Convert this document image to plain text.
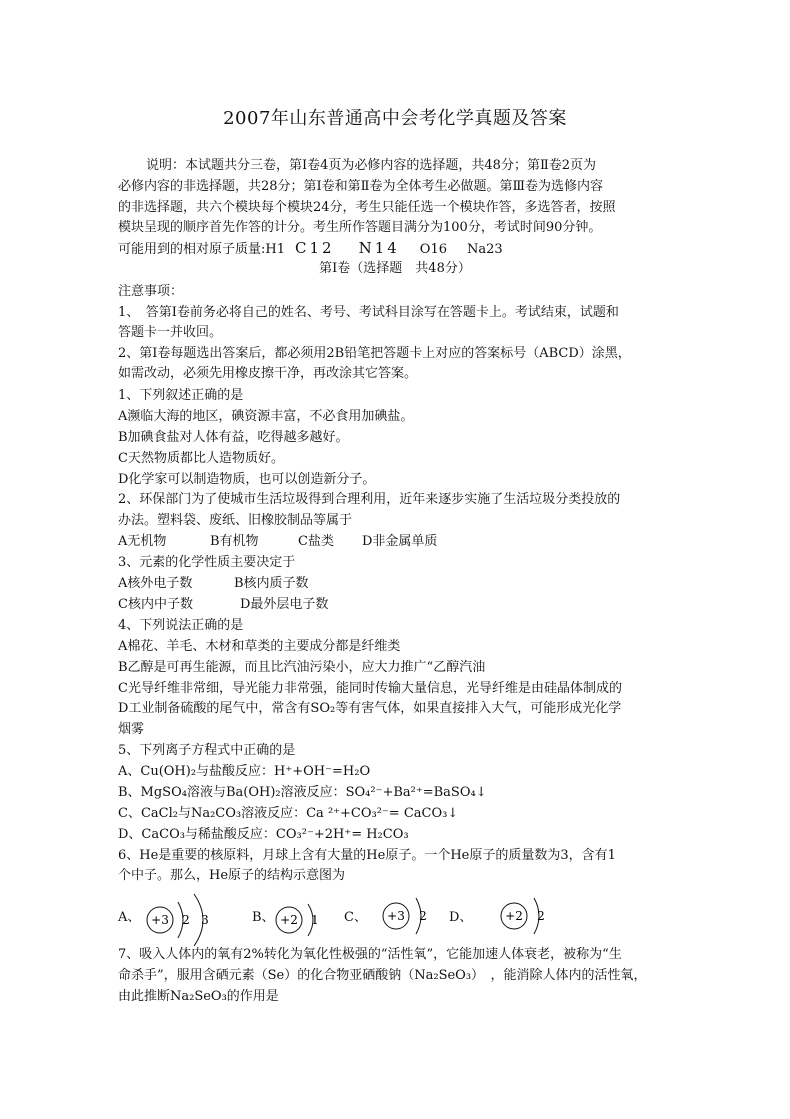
2007年山东普通高中会考化学真题及答案
说明：本试题共分三卷，第Ⅰ卷4页为必修内容的选择题，共48分；第Ⅱ卷2页为
必修内容的非选择题，共28分；第Ⅰ卷和第Ⅱ卷为全体考生必做题。第Ⅲ卷为选修内容
的非选择题，共六个模块每个模块24分，考生只能任选一个模块作答，多选答者，按照
模块呈现的顺序首先作答的计分。考生所作答题目满分为100分，考试时间90分钟。
可能用到的相对原子质量:H1 C12 N14 O16 Na23
第Ⅰ卷（选择题　共48分）
注意事项：
1、　答第Ⅰ卷前务必将自己的姓名、考号、考试科目涂写在答题卡上。考试结束，试题和
答题卡一并收回。
2、第Ⅰ卷每题选出答案后，都必须用2B铅笔把答题卡上对应的答案标号（ABCD）涂黑，
如需改动，必须先用橡皮擦干净，再改涂其它答案。
1、下列叙述正确的是
A濒临大海的地区，碘资源丰富，不必食用加碘盐。
B加碘食盐对人体有益，吃得越多越好。
C天然物质都比人造物质好。
D化学家可以制造物质，也可以创造新分子。
2、环保部门为了使城市生活垃圾得到合理利用，近年来逐步实施了生活垃圾分类投放的
办法。塑料袋、废纸、旧橡胶制品等属于
A无机物	B有机物	C盐类 D非金属单质
3、元素的化学性质主要决定于
A核外电子数	B核内质子数
C核内中子数	D最外层电子数
4、下列说法正确的是
A棉花、羊毛、木材和草类的主要成分都是纤维类
B乙醇是可再生能源，而且比汽油污染小，应大力推广“乙醇汽油
C光导纤维非常细，导光能力非常强，能同时传输大量信息，光导纤维是由硅晶体制成的
D工业制备硫酸的尾气中，常含有SO₂等有害气体，如果直接排入大气，可能形成光化学
烟雾
5、下列离子方程式中正确的是
A、Cu(OH)₂与盐酸反应：H⁺+OH⁻=H₂O
B、MgSO₄溶液与Ba(OH)₂溶液反应：SO₄²⁻+Ba²⁺=BaSO₄↓
C、CaCl₂与Na₂CO₃溶液反应：Ca ²⁺+CO₃²⁻= CaCO₃↓
D、CaCO₃与稀盐酸反应：CO₃²⁻+2H⁺= H₂CO₃
6、He是重要的核原料，月球上含有大量的He原子。一个He原子的质量数为3，含有1
个中子。那么，He原子的结构示意图为
A、 +3 2 3	B、 +2 1 C、 +3 2 D、	+2 2
7、吸入人体内的氧有2%转化为氧化性极强的“活性氧”，它能加速人体衰老，被称为“生
命杀手”，服用含硒元素（Se）的化合物亚硒酸钠（Na₂SeO₃）　，能消除人体内的活性氧，
由此推断Na₂SeO₃的作用是
